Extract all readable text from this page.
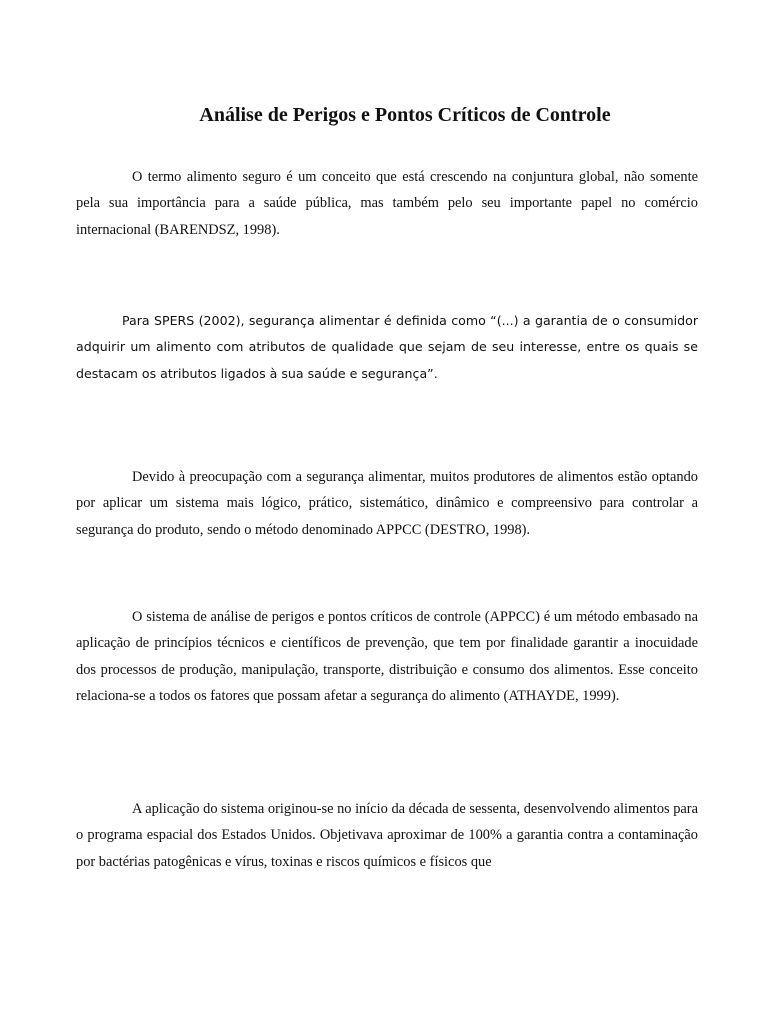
Análise de Perigos e Pontos Críticos de Controle

O termo alimento seguro é um conceito que está crescendo na conjuntura global, não somente pela sua importância para a saúde pública, mas também pelo seu importante papel no comércio internacional (BARENDSZ, 1998).

Para SPERS (2002), segurança alimentar é definida como “(...) a garantia de o consumidor adquirir um alimento com atributos de qualidade que sejam de seu interesse, entre os quais se destacam os atributos ligados à sua saúde e segurança”.

Devido à preocupação com a segurança alimentar, muitos produtores de alimentos estão optando por aplicar um sistema mais lógico, prático, sistemático, dinâmico e compreensivo para controlar a segurança do produto, sendo o método denominado APPCC (DESTRO, 1998).

O sistema de análise de perigos e pontos críticos de controle (APPCC) é um método embasado na aplicação de princípios técnicos e científicos de prevenção, que tem por finalidade garantir a inocuidade dos processos de produção, manipulação, transporte, distribuição e consumo dos alimentos. Esse conceito relaciona-se a todos os fatores que possam afetar a segurança do alimento (ATHAYDE, 1999).

A aplicação do sistema originou-se no início da década de sessenta, desenvolvendo alimentos para o programa espacial dos Estados Unidos. Objetivava aproximar de 100% a garantia contra a contaminação por bactérias patogênicas e vírus, toxinas e riscos químicos e físicos que
